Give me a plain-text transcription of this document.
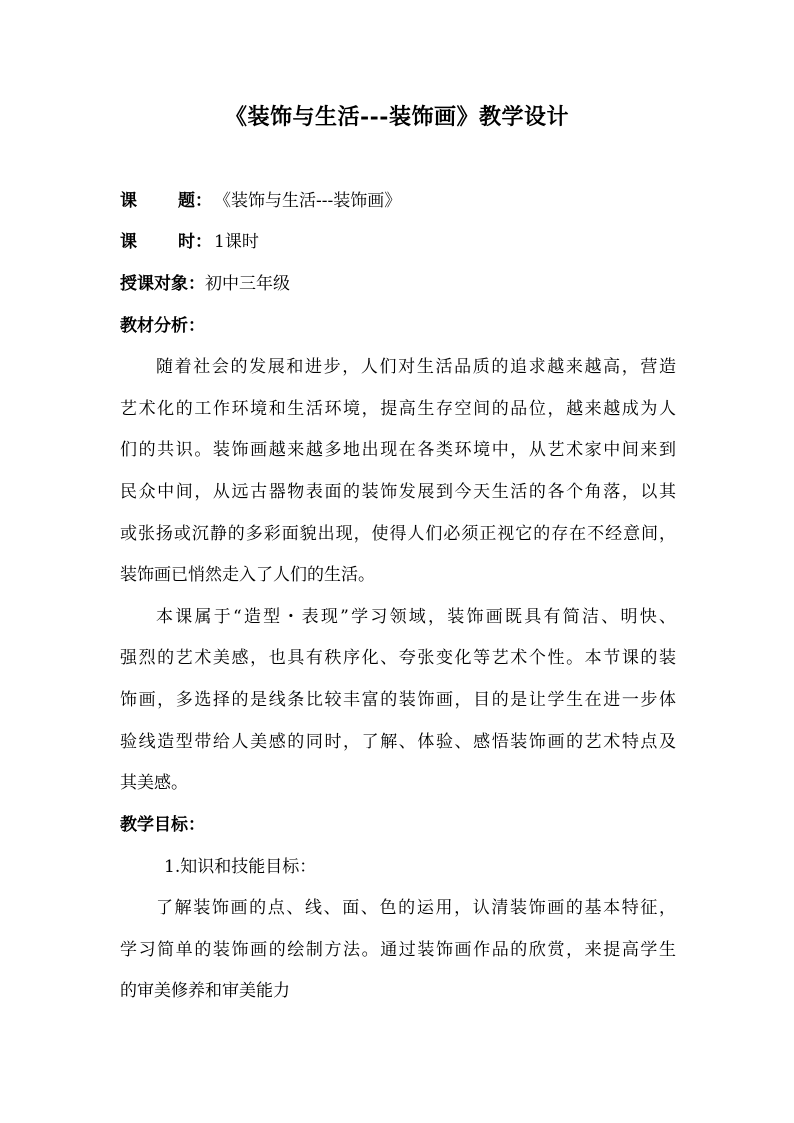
《装饰与生活---装饰画》教学设计
课 题： 《装饰与生活---装饰画》
课 时： 1课时
授课对象：初中三年级
教材分析：
随着社会的发展和进步，人们对生活品质的追求越来越高，营造
艺术化的工作环境和生活环境，提高生存空间的品位，越来越成为人
们的共识。装饰画越来越多地出现在各类环境中，从艺术家中间来到
民众中间，从远古器物表面的装饰发展到今天生活的各个角落，以其
或张扬或沉静的多彩面貌出现，使得人们必须正视它的存在不经意间，
装饰画已悄然走入了人们的生活。
本课属于“造型・表现”学习领域，装饰画既具有简洁、明快、
强烈的艺术美感，也具有秩序化、夸张变化等艺术个性。本节课的装
饰画，多选择的是线条比较丰富的装饰画，目的是让学生在进一步体
验线造型带给人美感的同时，了解、体验、感悟装饰画的艺术特点及
其美感。
教学目标：
1.知识和技能目标：
了解装饰画的点、线、面、色的运用，认清装饰画的基本特征，
学习简单的装饰画的绘制方法。通过装饰画作品的欣赏，来提高学生
的审美修养和审美能力
